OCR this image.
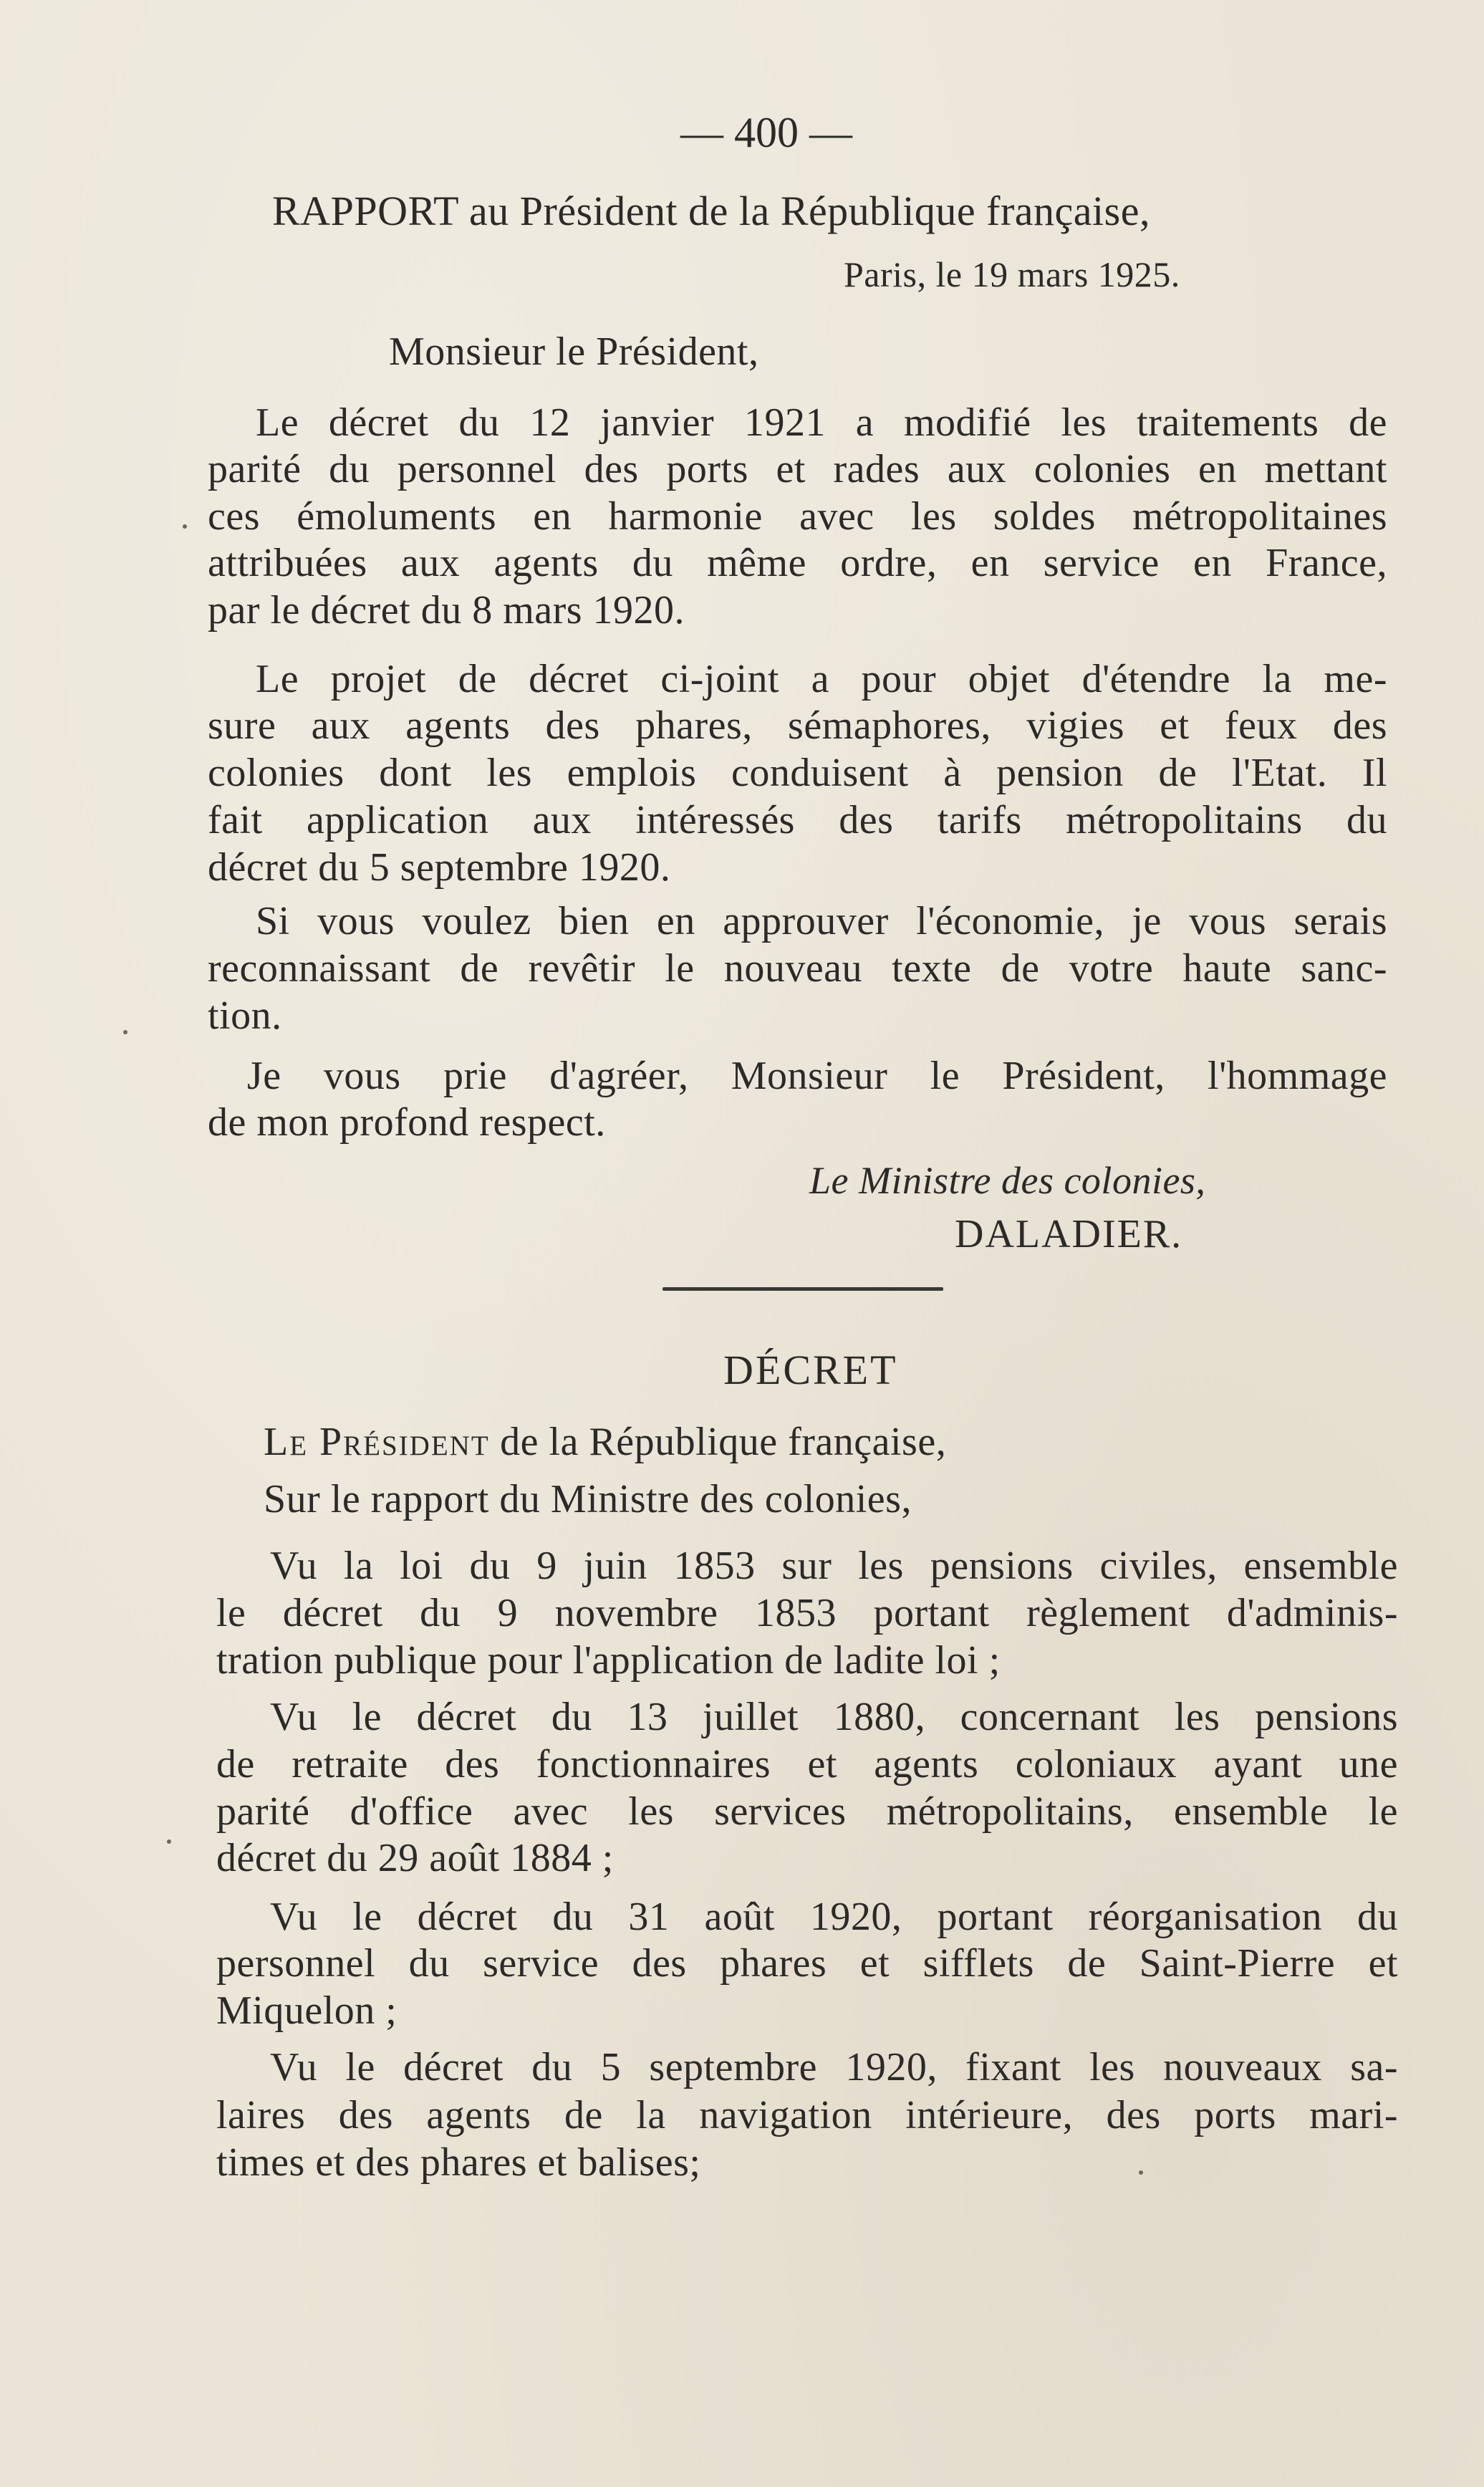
— 400 —
RAPPORT au Président de la République française,
Paris, le 19 mars 1925.
Monsieur le Président,
Le décret du 12 janvier 1921 a modifié les traitements de
parité du personnel des ports et rades aux colonies en mettant
ces émoluments en harmonie avec les soldes métropolitaines
attribuées aux agents du même ordre, en service en France,
par le décret du 8 mars 1920.
Le projet de décret ci-joint a pour objet d'étendre la me-
sure aux agents des phares, sémaphores, vigies et feux des
colonies dont les emplois conduisent à pension de l'Etat. Il
fait application aux intéressés des tarifs métropolitains du
décret du 5 septembre 1920.
Si vous voulez bien en approuver l'économie, je vous serais
reconnaissant de revêtir le nouveau texte de votre haute sanc-
tion.
Je vous prie d'agréer, Monsieur le Président, l'hommage
de mon profond respect.
Le Ministre des colonies,
DALADIER.
DÉCRET
Le Président de la République française,
Sur le rapport du Ministre des colonies,
Vu la loi du 9 juin 1853 sur les pensions civiles, ensemble
le décret du 9 novembre 1853 portant règlement d'adminis-
tration publique pour l'application de ladite loi ;
Vu le décret du 13 juillet 1880, concernant les pensions
de retraite des fonctionnaires et agents coloniaux ayant une
parité d'office avec les services métropolitains, ensemble le
décret du 29 août 1884 ;
Vu le décret du 31 août 1920, portant réorganisation du
personnel du service des phares et sifflets de Saint-Pierre et
Miquelon ;
Vu le décret du 5 septembre 1920, fixant les nouveaux sa-
laires des agents de la navigation intérieure, des ports mari-
times et des phares et balises;
